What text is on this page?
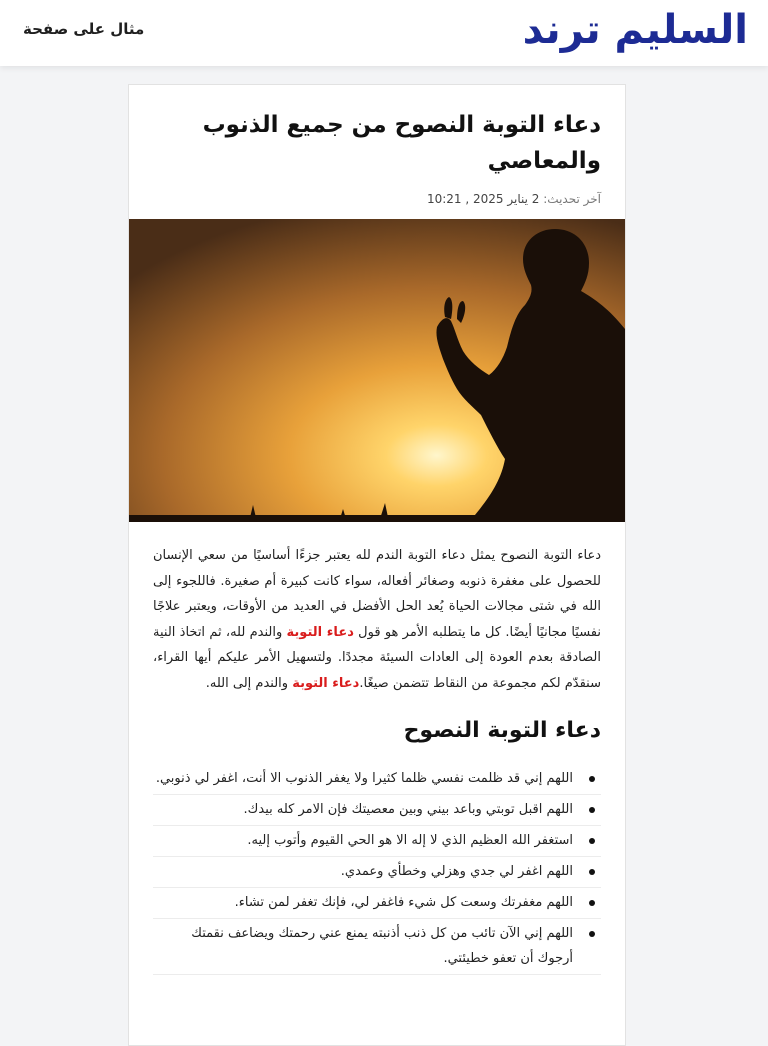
السليم ترند
مثال على صفحة
دعاء التوبة النصوح من جميع الذنوب والمعاصي
آخر تحديث: 2 يناير 2025 , 10:21

دعاء التوبة النصوح يمثل دعاء التوبة الندم لله يعتبر جزءًا أساسيًا من سعي الإنسان للحصول على مغفرة ذنوبه وصغائر أفعاله، سواء كانت كبيرة أم صغيرة. فاللجوء إلى الله في شتى مجالات الحياة يُعد الحل الأفضل في العديد من الأوقات، ويعتبر علاجًا نفسيًا مجانيًا أيضًا. كل ما يتطلبه الأمر هو قول دعاء التوبة والندم لله، ثم اتخاذ النية الصادقة بعدم العودة إلى العادات السيئة مجددًا. ولتسهيل الأمر عليكم أيها القراء، سنقدّم لكم مجموعة من النقاط تتضمن صيغًا.دعاء التوبة والندم إلى الله.

دعاء التوبة النصوح
اللهم إني قد ظلمت نفسي ظلما كثيرا ولا يغفر الذنوب الا أنت، اغفر لي ذنوبي.
اللهم اقبل توبتي وباعد بيني وبين معصيتك فإن الامر كله بيدك.
استغفر الله العظيم الذي لا إله الا هو الحي القيوم وأتوب إليه.
اللهم اغفر لي جدي وهزلي وخطأي وعمدي.
اللهم مغفرتك وسعت كل شيء فاغفر لي، فإنك تغفر لمن تشاء.
اللهم إني الآن تائب من كل ذنب أذنبته يمنع عني رحمتك ويضاعف نقمتك أرجوك أن تعفو خطيئتي.
